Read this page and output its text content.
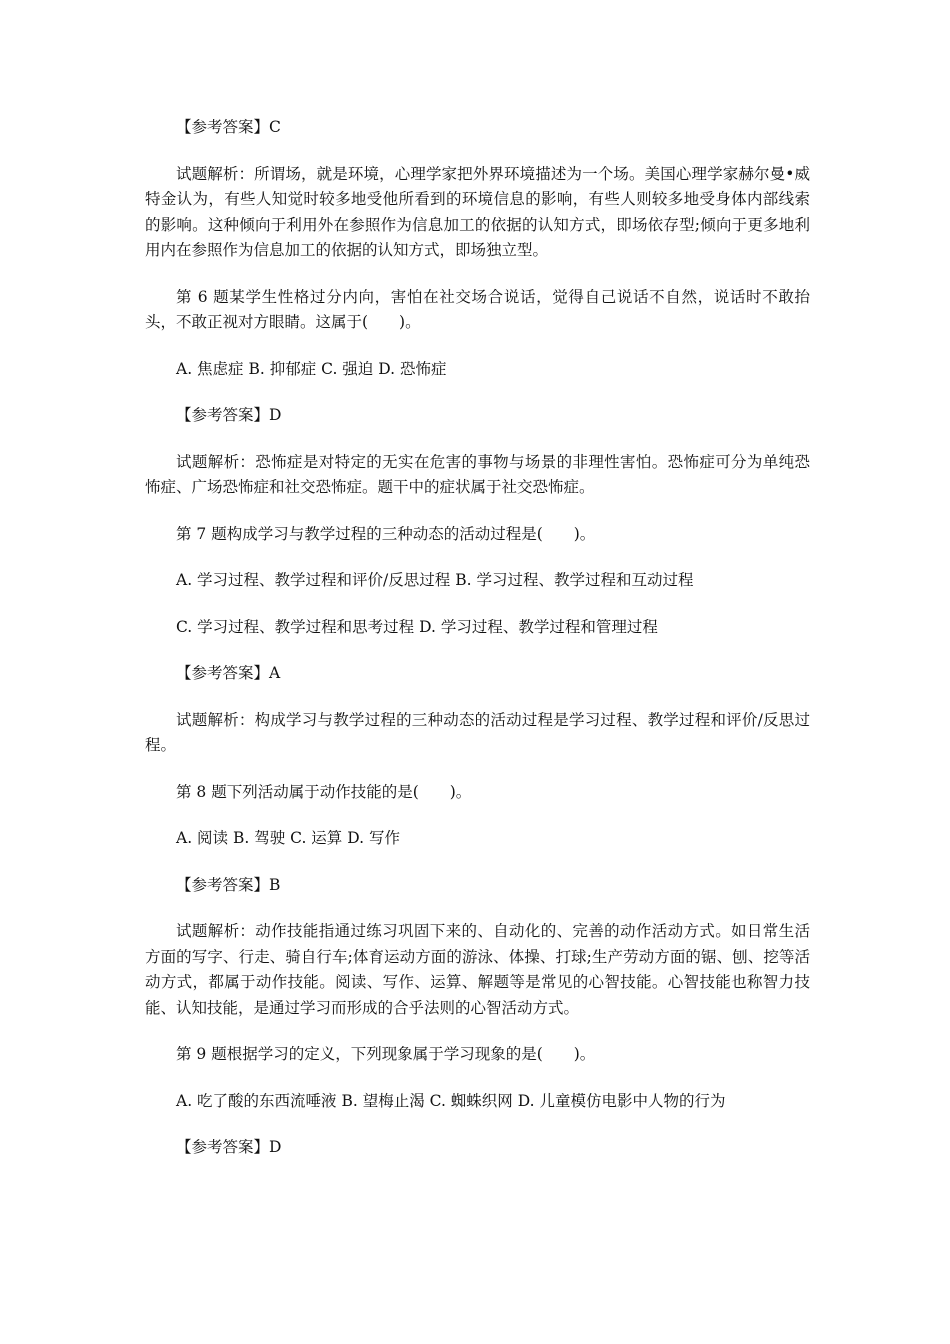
【参考答案】C

试题解析：所谓场，就是环境，心理学家把外界环境描述为一个场。美国心理学家赫尔曼•威特金认为，有些人知觉时较多地受他所看到的环境信息的影响，有些人则较多地受身体内部线索的影响。这种倾向于利用外在参照作为信息加工的依据的认知方式，即场依存型;倾向于更多地利用内在参照作为信息加工的依据的认知方式，即场独立型。

第 6 题某学生性格过分内向，害怕在社交场合说话，觉得自己说话不自然，说话时不敢抬头，不敢正视对方眼睛。这属于(　　)。

A. 焦虑症 B. 抑郁症 C. 强迫 D. 恐怖症

【参考答案】D

试题解析：恐怖症是对特定的无实在危害的事物与场景的非理性害怕。恐怖症可分为单纯恐怖症、广场恐怖症和社交恐怖症。题干中的症状属于社交恐怖症。

第 7 题构成学习与教学过程的三种动态的活动过程是(　　)。

A. 学习过程、教学过程和评价/反思过程 B. 学习过程、教学过程和互动过程

C. 学习过程、教学过程和思考过程 D. 学习过程、教学过程和管理过程

【参考答案】A

试题解析：构成学习与教学过程的三种动态的活动过程是学习过程、教学过程和评价/反思过程。

第 8 题下列活动属于动作技能的是(　　)。

A. 阅读 B. 驾驶 C. 运算 D. 写作

【参考答案】B

试题解析：动作技能指通过练习巩固下来的、自动化的、完善的动作活动方式。如日常生活方面的写字、行走、骑自行车;体育运动方面的游泳、体操、打球;生产劳动方面的锯、刨、挖等活动方式，都属于动作技能。阅读、写作、运算、解题等是常见的心智技能。心智技能也称智力技能、认知技能，是通过学习而形成的合乎法则的心智活动方式。

第 9 题根据学习的定义，下列现象属于学习现象的是(　　)。

A. 吃了酸的东西流唾液 B. 望梅止渴 C. 蜘蛛织网 D. 儿童模仿电影中人物的行为

【参考答案】D
